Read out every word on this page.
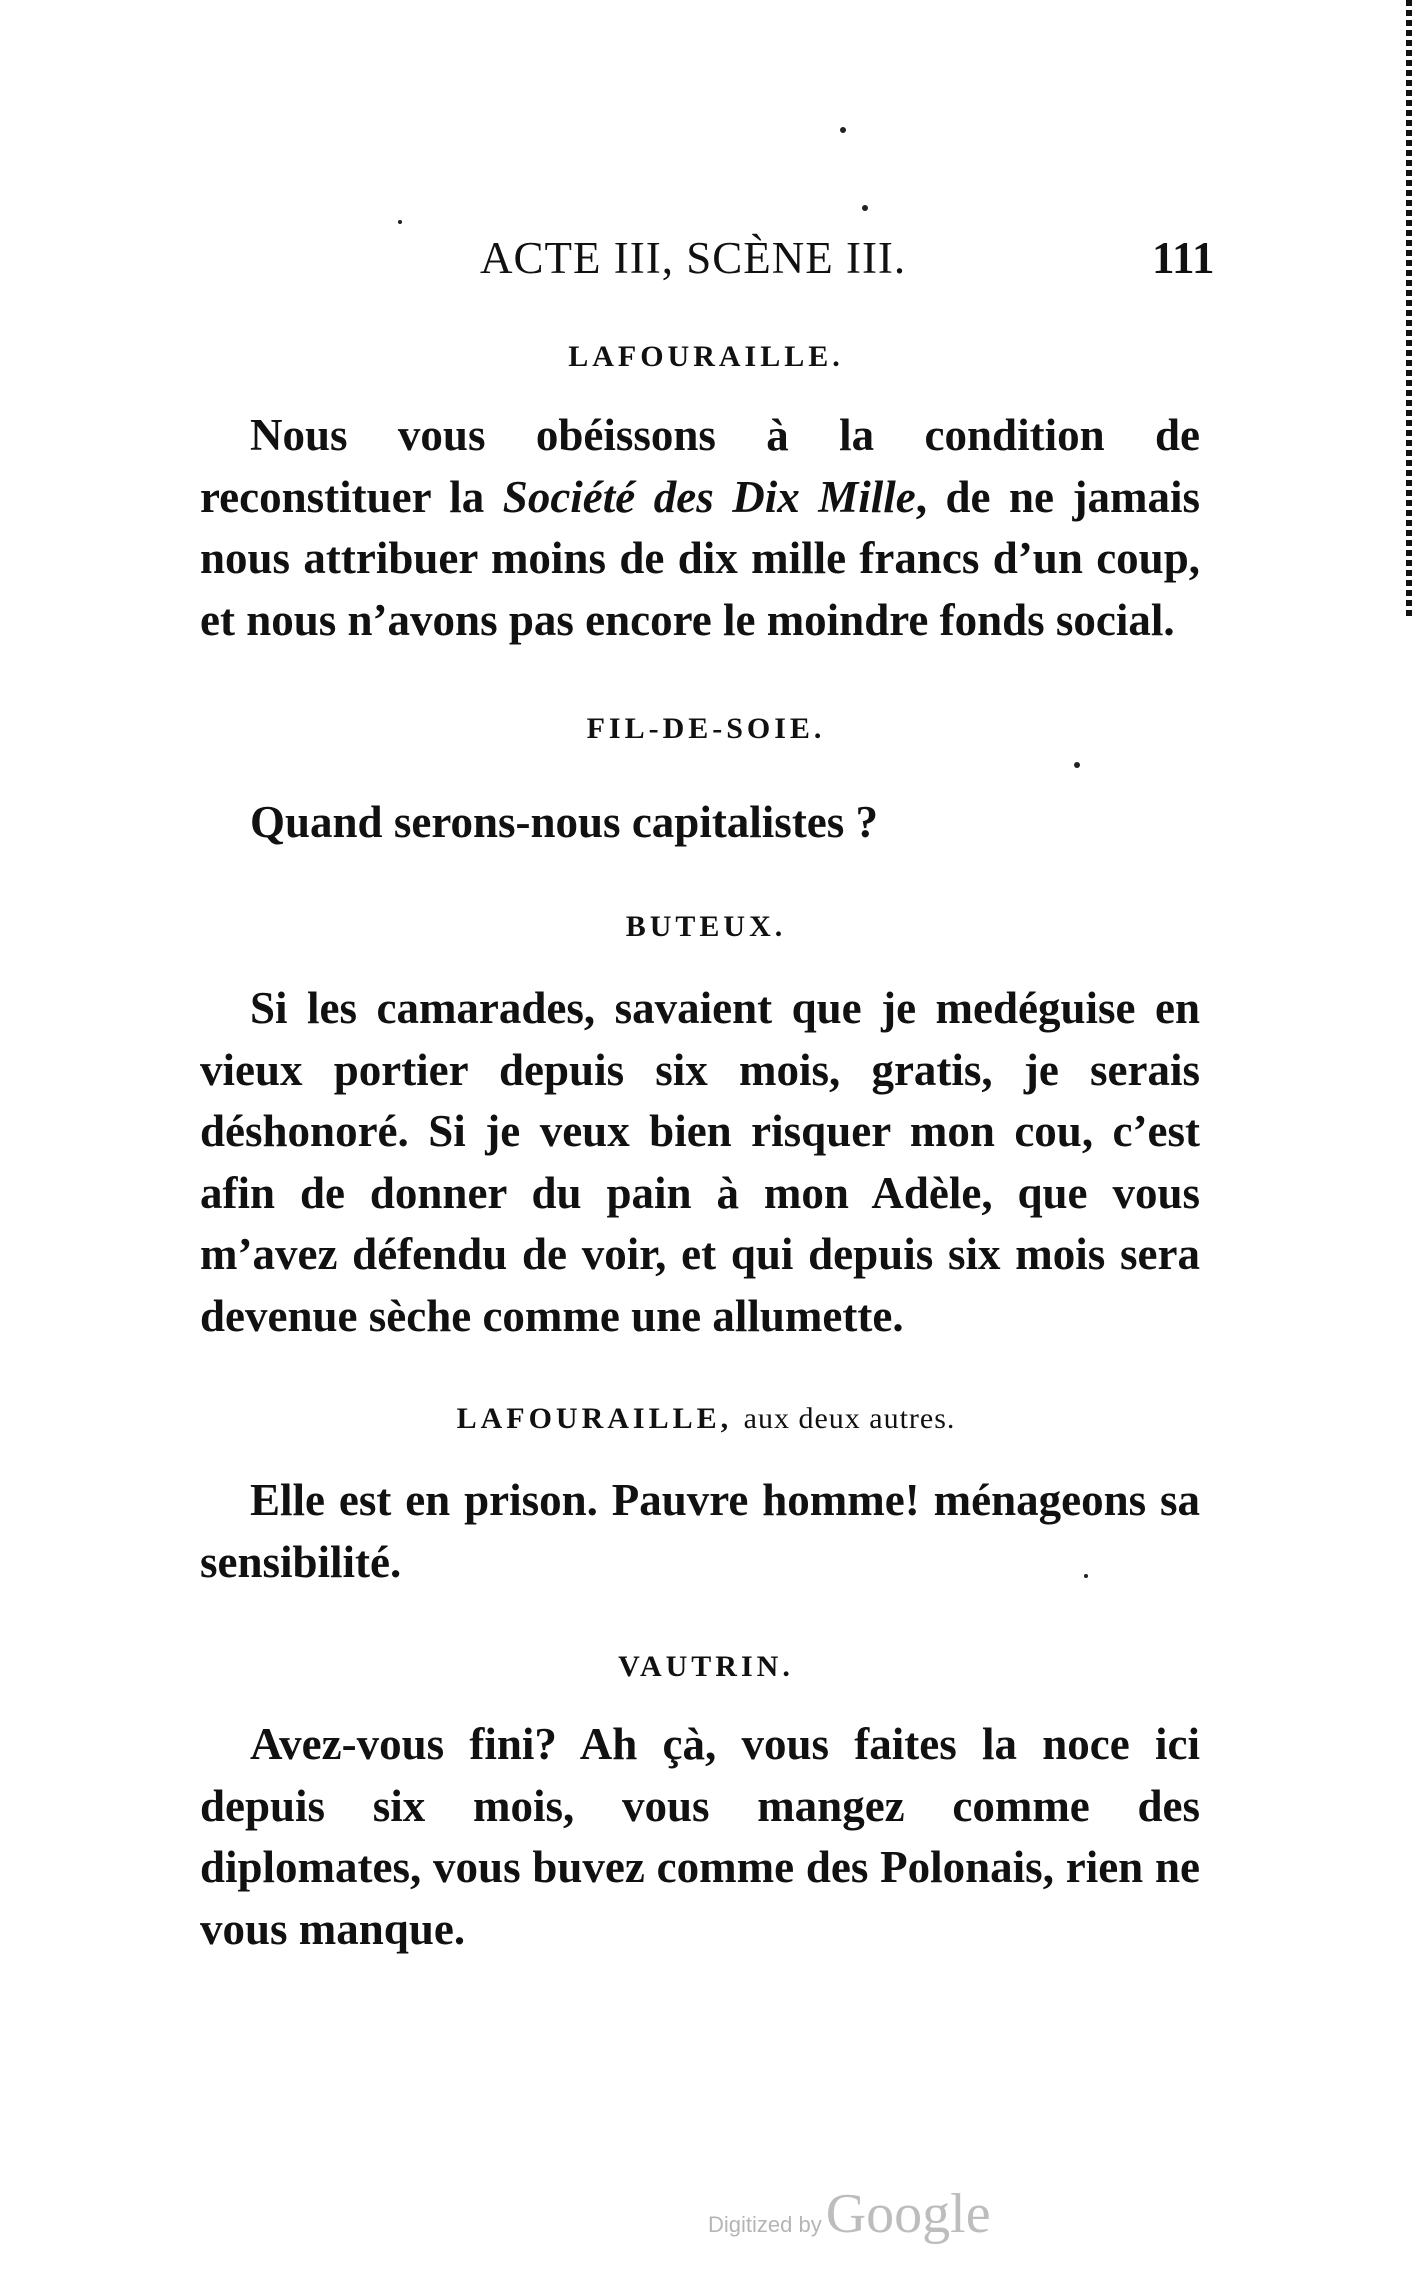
ACTE III, SCÈNE III.	111
LAFOURAILLE.

Nous vous obéissons à la condition de reconstituer la Société des Dix Mille, de ne jamais nous attribuer moins de dix mille francs d’un coup, et nous n’avons pas encore le moindre fonds social.

FIL-DE-SOIE.

Quand serons-nous capitalistes ?

BUTEUX.

Si les camarades, savaient que je medéguise en vieux portier depuis six mois, gratis, je serais déshonoré. Si je veux bien risquer mon cou, c’est afin de donner du pain à mon Adèle, que vous m’avez défendu de voir, et qui depuis six mois sera devenue sèche comme une allumette.

LAFOURAILLE, aux deux autres.

Elle est en prison. Pauvre homme! ménageons sa sensibilité.

VAUTRIN.

Avez-vous fini? Ah çà, vous faites la noce ici depuis six mois, vous mangez comme des diplomates, vous buvez comme des Polonais, rien ne vous manque.

Digitized by Google
